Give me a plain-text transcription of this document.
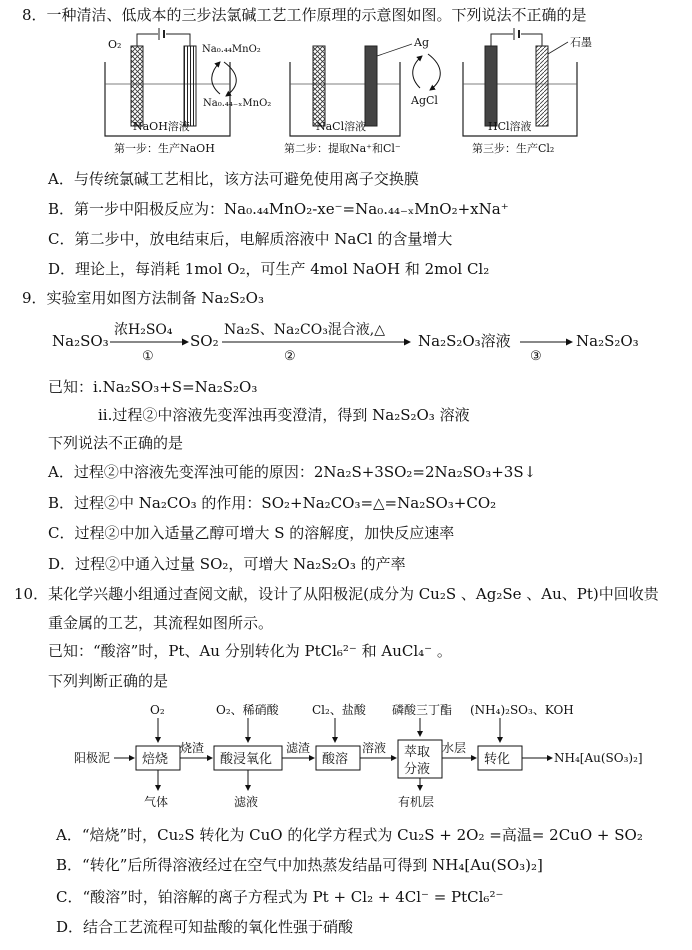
8．一种清洁、低成本的三步法氯碱工艺工作原理的示意图如图。下列说法不正确的是
O₂	Na₀.₄₄MnO₂
Na₀.₄₄₋ₓMnO₂
NaOH溶液
第一步：生产NaOH
Ag
AgCl
NaCl溶液
第二步：提取Na⁺和Cl⁻
石墨
HCl溶液
第三步：生产Cl₂
A．与传统氯碱工艺相比，该方法可避免使用离子交换膜
B．第一步中阳极反应为：Na₀.₄₄MnO₂-xe⁻=Na₀.₄₄₋ₓMnO₂+xNa⁺
C．第二步中，放电结束后，电解质溶液中 NaCl 的含量增大
D．理论上，每消耗 1mol O₂，可生产 4mol NaOH 和 2mol Cl₂
9．实验室用如图方法制备 Na₂S₂O₃
Na₂SO₃
浓H₂SO₄
①
SO₂
Na₂S、Na₂CO₃混合液,△
②
Na₂S₂O₃溶液
③
Na₂S₂O₃
已知：i.Na₂SO₃+S=Na₂S₂O₃
ii.过程②中溶液先变浑浊再变澄清，得到 Na₂S₂O₃ 溶液
下列说法不正确的是
A．过程②中溶液先变浑浊可能的原因：2Na₂S+3SO₂=2Na₂SO₃+3S↓
B．过程②中 Na₂CO₃ 的作用：SO₂+Na₂CO₃=△=Na₂SO₃+CO₂
C．过程②中加入适量乙醇可增大 S 的溶解度，加快反应速率
D．过程②中通入过量 SO₂，可增大 Na₂S₂O₃ 的产率
10．某化学兴趣小组通过查阅文献，设计了从阳极泥(成分为 Cu₂S 、Ag₂Se 、Au、Pt)中回收贵
重金属的工艺，其流程如图所示。
已知：“酸溶”时，Pt、Au 分别转化为 PtCl₆²⁻ 和 AuCl₄⁻ 。
下列判断正确的是
O₂	O₂、稀硝酸	Cl₂、盐酸 磷酸三丁酯 (NH₄)₂SO₃、KOH
阳极泥 焙烧
烧渣
酸浸氧化
滤渣
酸溶
溶液 萃取
分液
水层
转化	NH₄[Au(SO₃)₂]
气体	滤液	有机层
A．“焙烧”时，Cu₂S 转化为 CuO 的化学方程式为 Cu₂S + 2O₂ =高温= 2CuO + SO₂
B．“转化”后所得溶液经过在空气中加热蒸发结晶可得到 NH₄[Au(SO₃)₂]
C．“酸溶”时，铂溶解的离子方程式为 Pt + Cl₂ + 4Cl⁻ = PtCl₆²⁻
D．结合工艺流程可知盐酸的氧化性强于硝酸
